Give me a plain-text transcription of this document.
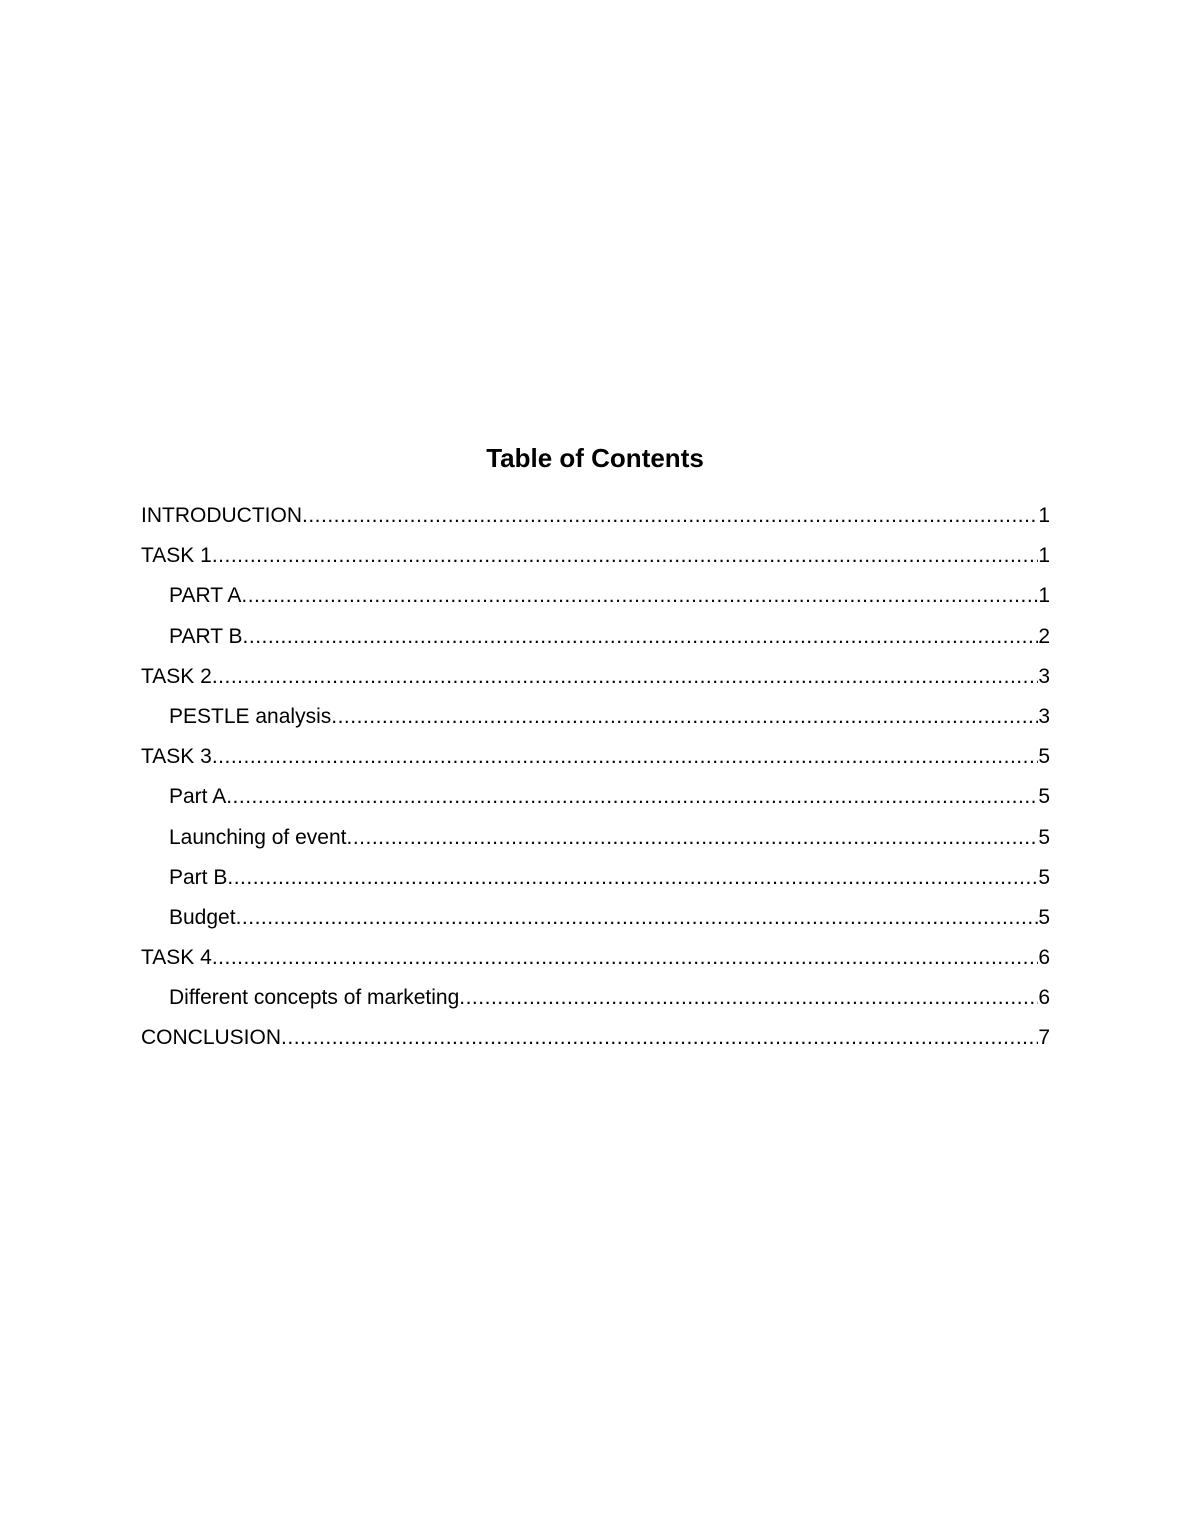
Table of Contents
INTRODUCTION .....	1
TASK 1 .....	1
PART A .....	1
PART B .....	2
TASK 2 .....	3
PESTLE analysis .....	3
TASK 3 .....	5
Part A .....	5
Launching of event .....	5
Part B .....	5
Budget .....	5
TASK 4 .....	6
Different concepts of marketing .....	6
CONCLUSION .....	7
